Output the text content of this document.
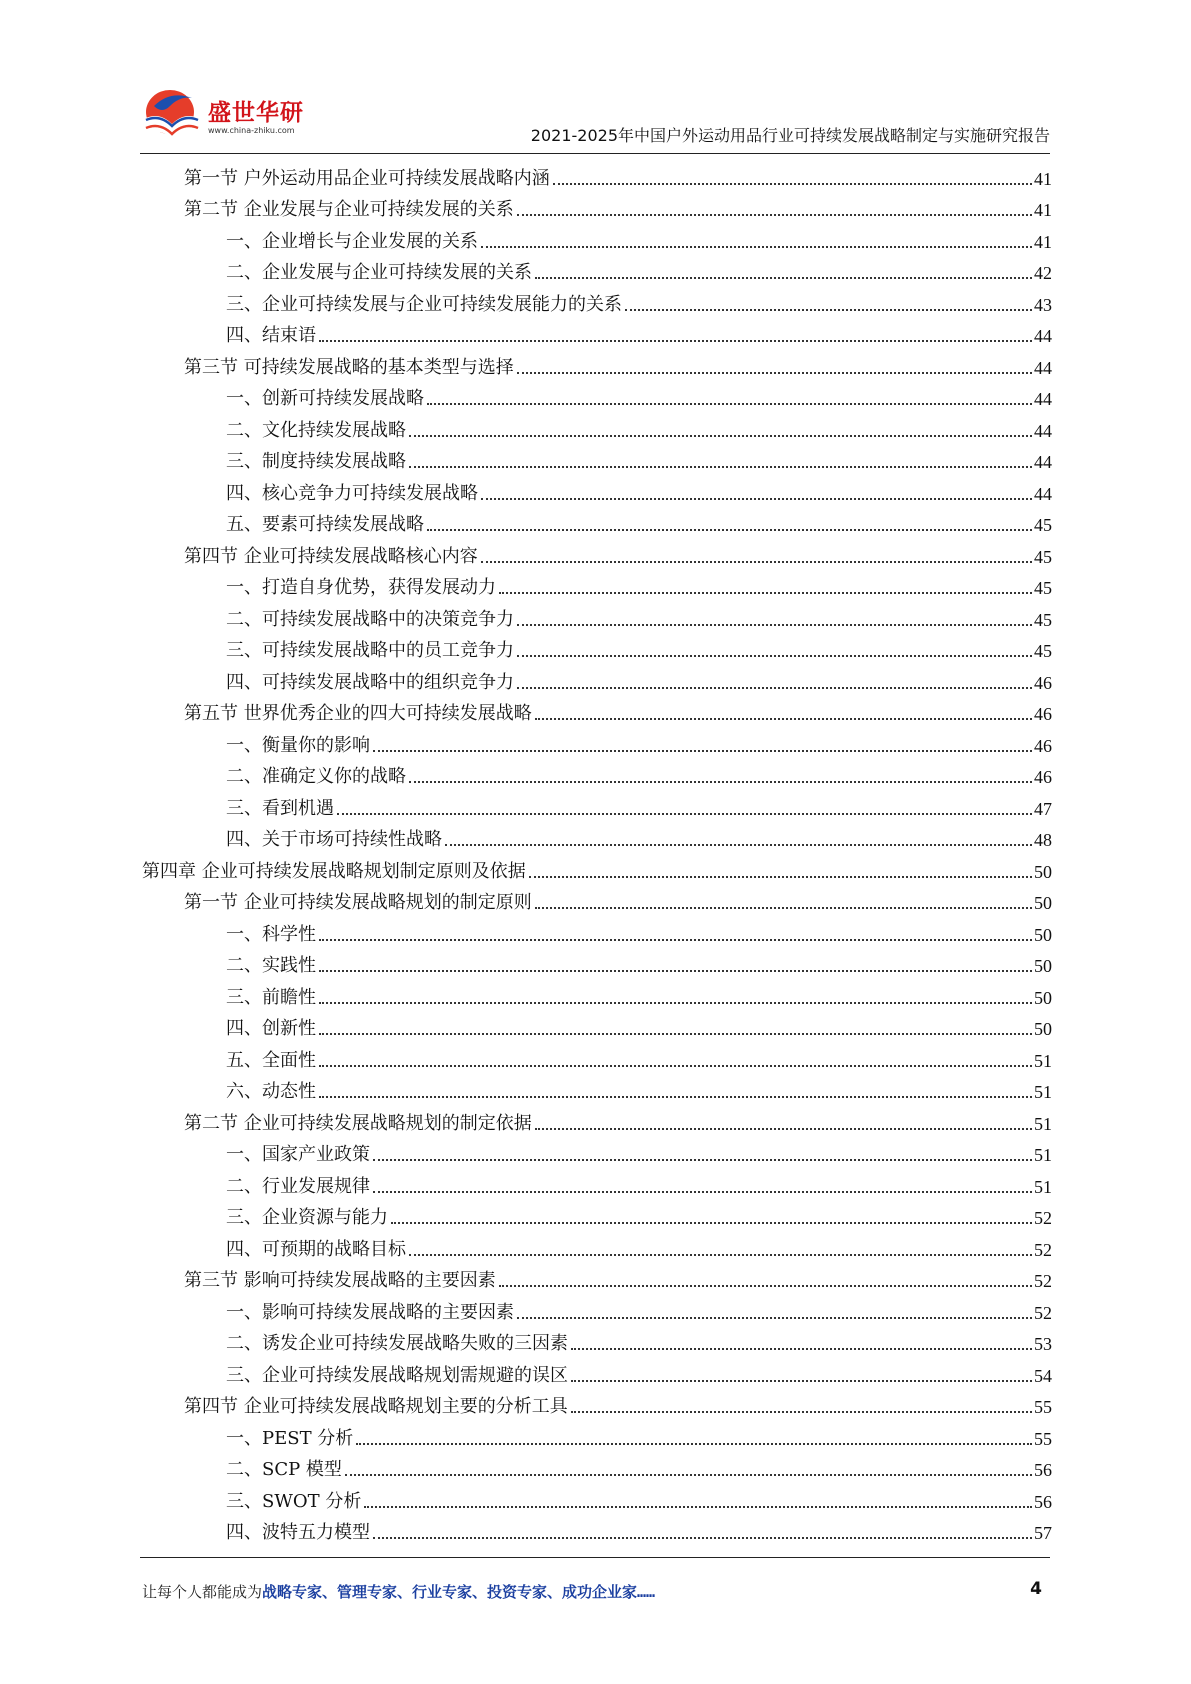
盛世华研
www.china-zhiku.com	2021-2025年中国户外运动用品行业可持续发展战略制定与实施研究报告
第一节 户外运动用品企业可持续发展战略内涵	41
第二节 企业发展与企业可持续发展的关系	41
一、企业增长与企业发展的关系	41
二、企业发展与企业可持续发展的关系	42
三、企业可持续发展与企业可持续发展能力的关系	43
四、结束语	44
第三节 可持续发展战略的基本类型与选择	44
一、创新可持续发展战略	44
二、文化持续发展战略	44
三、制度持续发展战略	44
四、核心竞争力可持续发展战略	44
五、要素可持续发展战略	45
第四节 企业可持续发展战略核心内容	45
一、打造自身优势，获得发展动力	45
二、可持续发展战略中的决策竞争力	45
三、可持续发展战略中的员工竞争力	45
四、可持续发展战略中的组织竞争力	46
第五节 世界优秀企业的四大可持续发展战略	46
一、衡量你的影响	46
二、准确定义你的战略	46
三、看到机遇	47
四、关于市场可持续性战略	48
第四章 企业可持续发展战略规划制定原则及依据	50
第一节 企业可持续发展战略规划的制定原则	50
一、科学性	50
二、实践性	50
三、前瞻性	50
四、创新性	50
五、全面性	51
六、动态性	51
第二节 企业可持续发展战略规划的制定依据	51
一、国家产业政策	51
二、行业发展规律	51
三、企业资源与能力	52
四、可预期的战略目标	52
第三节 影响可持续发展战略的主要因素	52
一、影响可持续发展战略的主要因素	52
二、诱发企业可持续发展战略失败的三因素	53
三、企业可持续发展战略规划需规避的误区	54
第四节 企业可持续发展战略规划主要的分析工具	55
一、PEST 分析	55
二、SCP 模型	56
三、SWOT 分析	56
四、波特五力模型	57
让每个人都能成为战略专家、管理专家、行业专家、投资专家、成功企业家……	4
